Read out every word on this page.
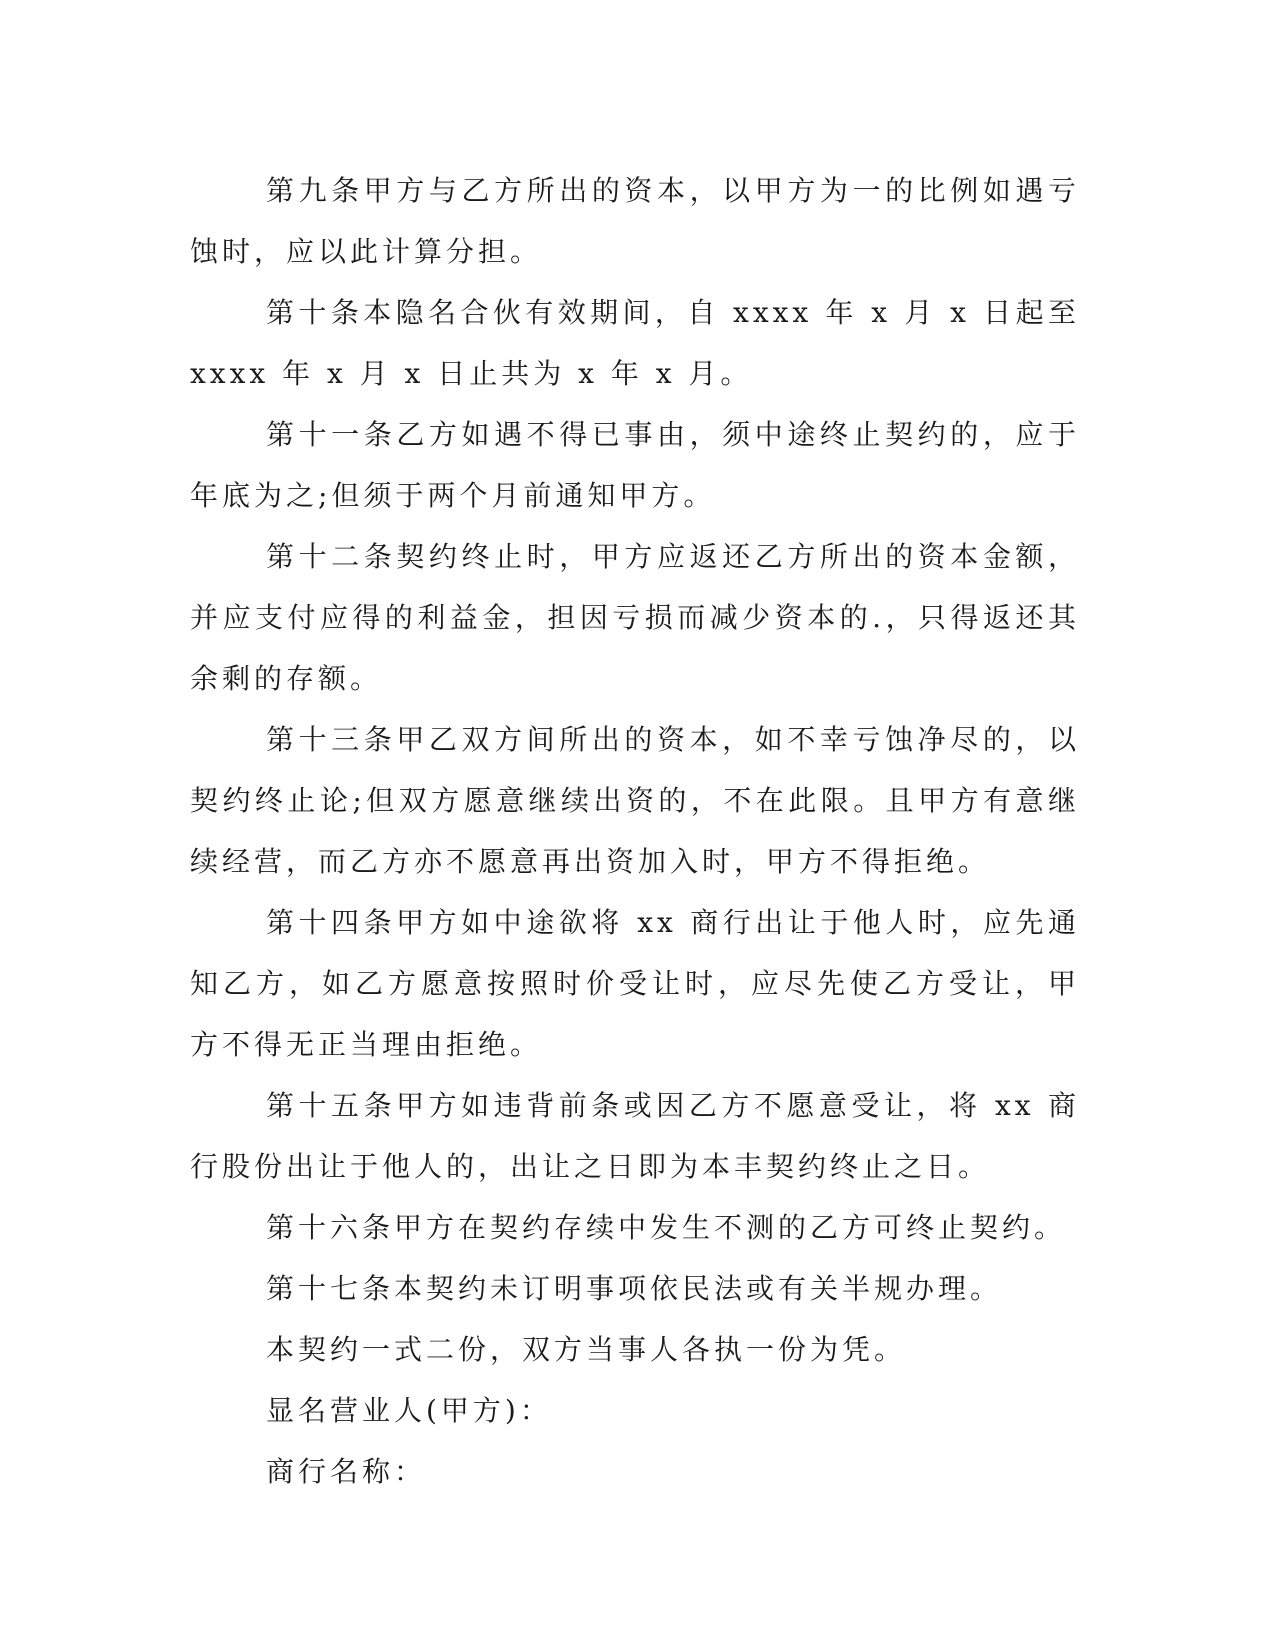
第九条甲方与乙方所出的资本，以甲方为一的比例如遇亏蚀时，应以此计算分担。

第十条本隐名合伙有效期间，自 xxxx 年 x 月 x 日起至 xxxx 年 x 月 x 日止共为 x 年 x 月。

第十一条乙方如遇不得已事由，须中途终止契约的，应于年底为之;但须于两个月前通知甲方。

第十二条契约终止时，甲方应返还乙方所出的资本金额，并应支付应得的利益金，担因亏损而减少资本的.，只得返还其余剩的存额。

第十三条甲乙双方间所出的资本，如不幸亏蚀净尽的，以契约终止论;但双方愿意继续出资的，不在此限。且甲方有意继续经营，而乙方亦不愿意再出资加入时，甲方不得拒绝。

第十四条甲方如中途欲将 xx 商行出让于他人时，应先通知乙方，如乙方愿意按照时价受让时，应尽先使乙方受让，甲方不得无正当理由拒绝。

第十五条甲方如违背前条或因乙方不愿意受让，将 xx 商行股份出让于他人的，出让之日即为本丰契约终止之日。

第十六条甲方在契约存续中发生不测的乙方可终止契约。

第十七条本契约未订明事项依民法或有关半规办理。

本契约一式二份，双方当事人各执一份为凭。

显名营业人(甲方)：

商行名称：
